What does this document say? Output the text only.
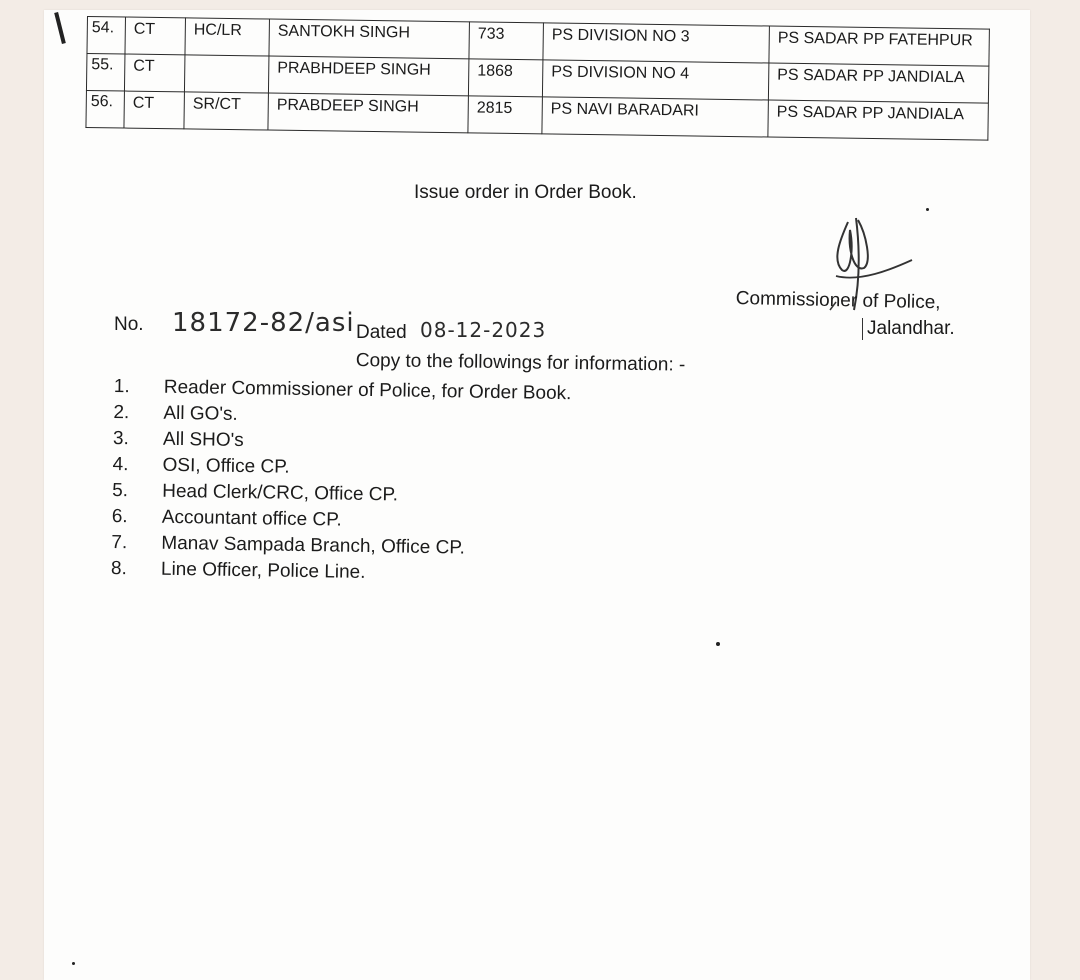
54.	CT	HC/LR	SANTOKH SINGH	733	PS DIVISION NO 3	PS SADAR PP FATEHPUR
55.	CT		PRABHDEEP SINGH	1868	PS DIVISION NO 4	PS SADAR PP JANDIALA
56.	CT	SR/CT	PRABDEEP SINGH	2815	PS NAVI BARADARI	PS SADAR PP JANDIALA
Issue order in Order Book.
Commissioner of Police,
Jalandhar.
No. 18172-82/asi Dated 08-12-2023
Copy to the followings for information: -
1. Reader Commissioner of Police, for Order Book.
2. All GO's.
3. All SHO's
4. OSI, Office CP.
5. Head Clerk/CRC, Office CP.
6. Accountant office CP.
7. Manav Sampada Branch, Office CP.
8. Line Officer, Police Line.
